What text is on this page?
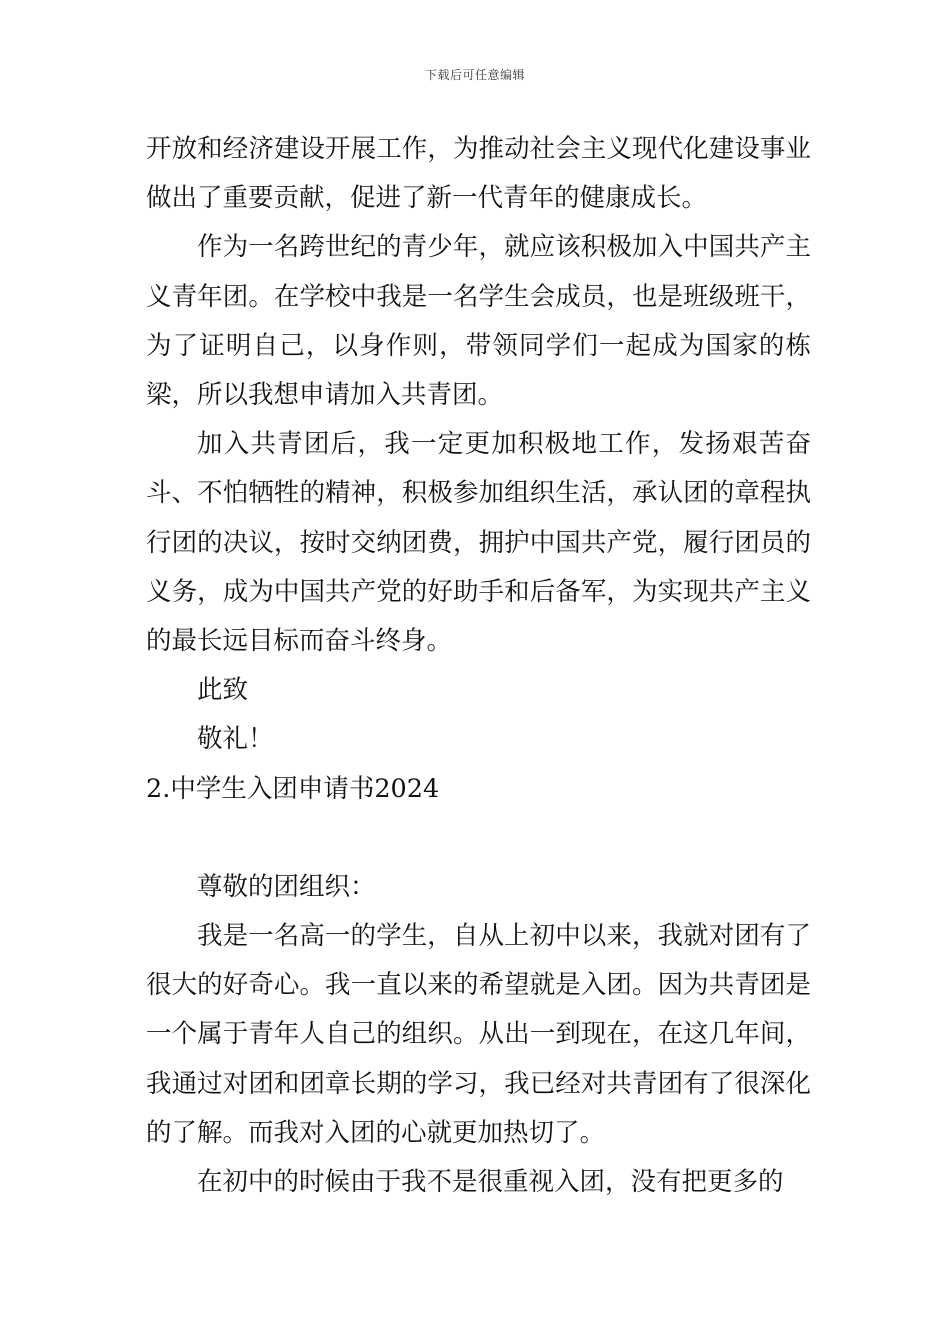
下载后可任意编辑

开放和经济建设开展工作，为推动社会主义现代化建设事业做出了重要贡献，促进了新一代青年的健康成长。

作为一名跨世纪的青少年，就应该积极加入中国共产主义青年团。在学校中我是一名学生会成员，也是班级班干，为了证明自己，以身作则，带领同学们一起成为国家的栋梁，所以我想申请加入共青团。

加入共青团后，我一定更加积极地工作，发扬艰苦奋斗、不怕牺牲的精神，积极参加组织生活，承认团的章程执行团的决议，按时交纳团费，拥护中国共产党，履行团员的义务，成为中国共产党的好助手和后备军，为实现共产主义的最长远目标而奋斗终身。

此致

敬礼！

2.中学生入团申请书2024

尊敬的团组织：

我是一名高一的学生，自从上初中以来，我就对团有了很大的好奇心。我一直以来的希望就是入团。因为共青团是一个属于青年人自己的组织。从出一到现在，在这几年间，我通过对团和团章长期的学习，我已经对共青团有了很深化的了解。而我对入团的心就更加热切了。

在初中的时候由于我不是很重视入团，没有把更多的
